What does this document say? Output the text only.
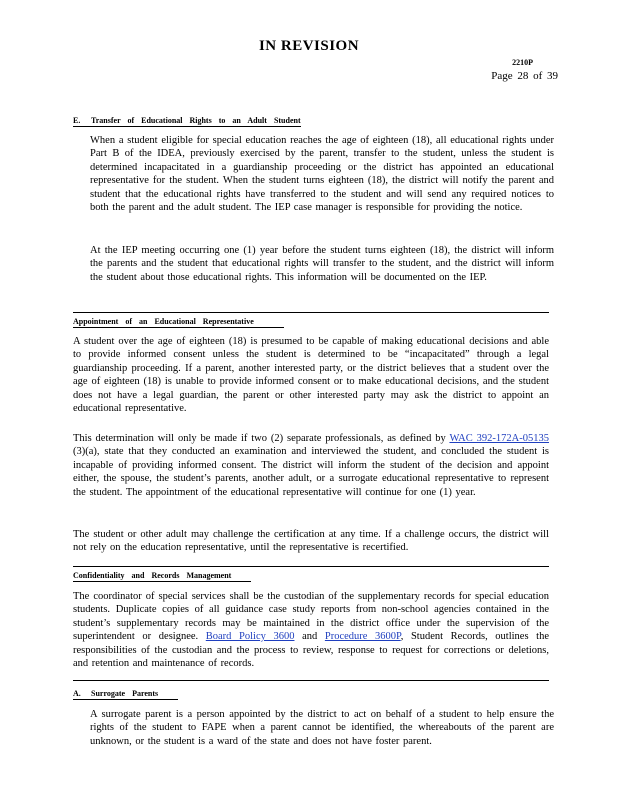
IN REVISION
2210P
Page 28 of 39
E. Transfer of Educational Rights to an Adult Student
When a student eligible for special education reaches the age of eighteen (18), all educational rights under Part B of the IDEA, previously exercised by the parent, transfer to the student, unless the student is determined incapacitated in a guardianship proceeding or the district has appointed an educational representative for the student. When the student turns eighteen (18), the district will notify the parent and student that the educational rights have transferred to the student and will send any required notices to both the parent and the adult student. The IEP case manager is responsible for providing the notice.
At the IEP meeting occurring one (1) year before the student turns eighteen (18), the district will inform the parents and the student that educational rights will transfer to the student, and the district will inform the student about those educational rights. This information will be documented on the IEP.
Appointment of an Educational Representative
A student over the age of eighteen (18) is presumed to be capable of making educational decisions and able to provide informed consent unless the student is determined to be “incapacitated” through a legal guardianship proceeding. If a parent, another interested party, or the district believes that a student over the age of eighteen (18) is unable to provide informed consent or to make educational decisions, and the student does not have a legal guardian, the parent or other interested party may ask the district to appoint an educational representative.
This determination will only be made if two (2) separate professionals, as defined by WAC 392-172A-05135 (3)(a), state that they conducted an examination and interviewed the student, and concluded the student is incapable of providing informed consent. The district will inform the student of the decision and appoint either, the spouse, the student’s parents, another adult, or a surrogate educational representative to represent the student. The appointment of the educational representative will continue for one (1) year.
The student or other adult may challenge the certification at any time. If a challenge occurs, the district will not rely on the education representative, until the representative is recertified.
Confidentiality and Records Management
The coordinator of special services shall be the custodian of the supplementary records for special education students. Duplicate copies of all guidance case study reports from non-school agencies contained in the student’s supplementary records may be maintained in the district office under the supervision of the superintendent or designee. Board Policy 3600 and Procedure 3600P, Student Records, outlines the responsibilities of the custodian and the process to review, response to request for corrections or deletions, and retention and maintenance of records.
A. Surrogate Parents
A surrogate parent is a person appointed by the district to act on behalf of a student to help ensure the rights of the student to FAPE when a parent cannot be identified, the whereabouts of the parent are unknown, or the student is a ward of the state and does not have foster parent.
